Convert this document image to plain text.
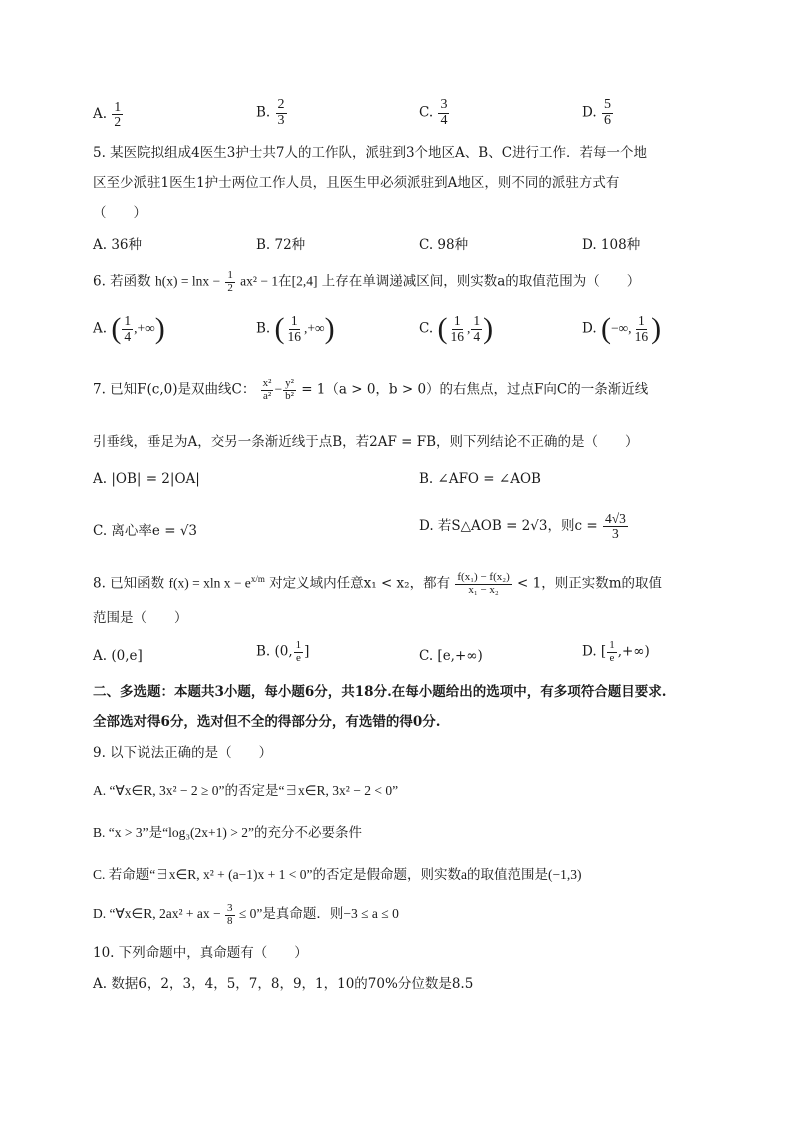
A. $\frac{1}{2}$	B. $\frac{2}{3}$	C. $\frac{3}{4}$	D. $\frac{5}{6}$
5. 某医院拟组成4医生3护士共7人的工作队，派驻到3个地区A、B、C进行工作．若每一个地
区至少派驻1医生1护士两位工作人员，且医生甲必须派驻到A地区，则不同的派驻方式有
（　　）
A. 36种	B. 72种	C. 98种	D. 108种
6. 若函数 $h(x) = \ln x - \frac{1}{2} ax^2 - 1$在[2,4] 上存在单调递减区间，则实数a的取值范围为（　　）
A. ( $\frac{1}{4}$ ,+∞)	B. ( $\frac{1}{16}$ ,+∞)	C. ( $\frac{1}{16}$ , $\frac{1}{4}$ )	D. (−∞, $\frac{1}{16}$ )
7. 已知F(c,0)是双曲线C： $\frac{\text{x²}}{\text{a²}} - \frac{\text{y²}}{\text{b²}} = 1(a > 0$，b > 0）的右焦点，过点F向C的一条渐近线
引垂线，垂足为A，交另一条渐近线于点B，若2AF = FB，则下列结论不正确的是（　　）
A. |OB| = 2|OA|	B. ∠AFO = ∠AOB
C. 离心率e = √3	D. 若S△AOB = 2√3，则$c = \frac{4√3}{3}$
8. 已知函数 f(x) = xln $x - e^{x/m}$ 对定义域内任意x₁ < x₂，都有 $\frac{\text{f(x₁) − f(x₂)}}{\text{x₁ − x₂}} < 1$，则正实数m的取值
范围是（　　）
A. (0,e]	B. (0, $\frac{1}{e}$ ]	C. [e,+∞)	D. [ $\frac{1}{e}$ ,+∞)
二、多选题：本题共3小题，每小题6分，共18分.在每小题给出的选项中，有多项符合题目要求.
全部选对得6分，选对但不全的得部分分，有选错的得0分.
9. 以下说法正确的是（　　）
A. “∀x∈R, 3x² − 2 ≥ 0”的否定是“∃x∈R, 3x² − 2 < 0”
B. “x > 3”是“log₃(2x+1) > 2”的充分不必要条件
C. 若命题“∃x∈R, x² + (a−1)x + 1 < 0”的否定是假命题，则实数a的取值范围是(−1,3)
D. “∀x∈R, 2ax² + ax − $\frac{3}{8} \le 0$”是真命题．则−3 ≤ a ≤ 0
10. 下列命题中，真命题有（　　）
A. 数据6，2，3，4，5，7，8，9，1，10的70%分位数是8.5
